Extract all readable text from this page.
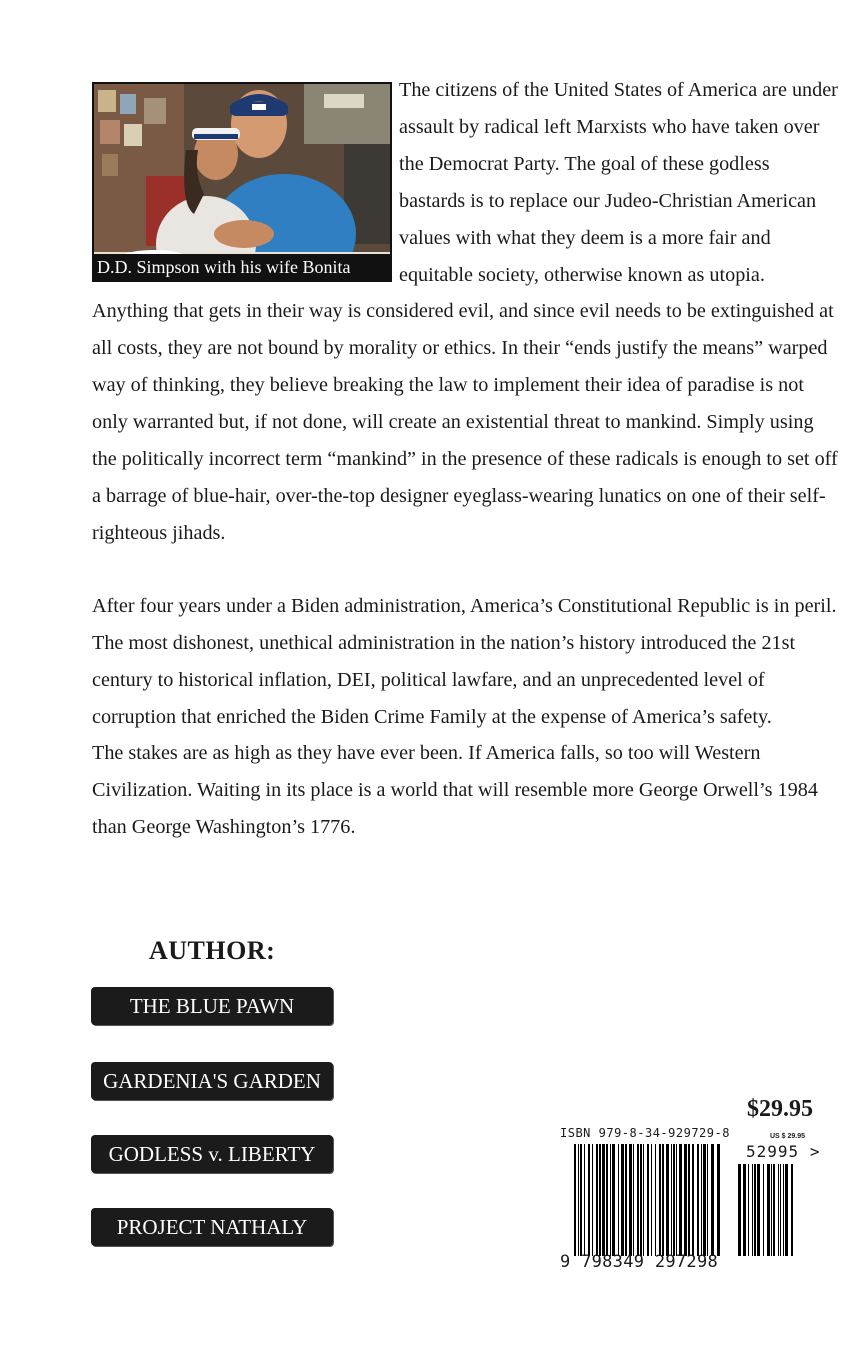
D.D. Simpson with his wife Bonita

The citizens of the United States of America are under assault by radical left Marxists who have taken over the Democrat Party. The goal of these godless bastards is to replace our Judeo-Christian American values with what they deem is a more fair and equitable society, otherwise known as utopia. Anything that gets in their way is considered evil, and since evil needs to be extinguished at all costs, they are not bound by morality or ethics. In their “ends justify the means” warped way of thinking, they believe breaking the law to implement their idea of paradise is not only warranted but, if not done, will create an existential threat to mankind. Simply using the politically incorrect term “mankind” in the presence of these radicals is enough to set off a barrage of blue-hair, over-the-top designer eyeglass-wearing lunatics on one of their self-righteous jihads.

After four years under a Biden administration, America’s Constitutional Republic is in peril. The most dishonest, unethical administration in the nation’s history introduced the 21st century to historical inflation, DEI, political lawfare, and an unprecedented level of corruption that enriched the Biden Crime Family at the expense of America’s safety.

The stakes are as high as they have ever been. If America falls, so too will Western Civilization. Waiting in its place is a world that will resemble more George Orwell’s 1984 than George Washington’s 1776.

AUTHOR:
THE BLUE PAWN
GARDENIA'S GARDEN
GODLESS v. LIBERTY
PROJECT NATHALY
$29.95
ISBN 979-8-34-929729-8	US $ 29.95
52995 >
9 798349 297298
